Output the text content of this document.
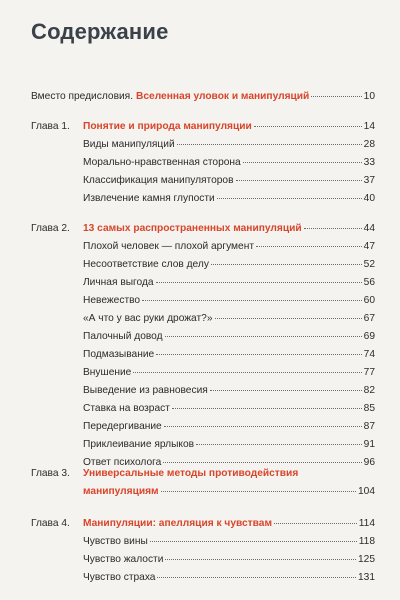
Содержание
Вместо предисловия. Вселенная уловок и манипуляций	10
Глава 1. Понятие и природа манипуляции	14
Виды манипуляций	28
Морально-нравственная сторона	33
Классификация манипуляторов	37
Извлечение камня глупости	40
Глава 2. 13 самых распространенных манипуляций	44
Плохой человек — плохой аргумент	47
Несоответствие слов делу	52
Личная выгода	56
Невежество	60
«А что у вас руки дрожат?»	67
Палочный довод	69
Подмазывание	74
Внушение	77
Выведение из равновесия	82
Ставка на возраст	85
Передергивание	87
Приклеивание ярлыков	91
Ответ психолога	96
Глава 3. Универсальные методы противодействия
манипуляциям	104
Глава 4. Манипуляции: апелляция к чувствам	114
Чувство вины	118
Чувство жалости	125
Чувство страха	131
